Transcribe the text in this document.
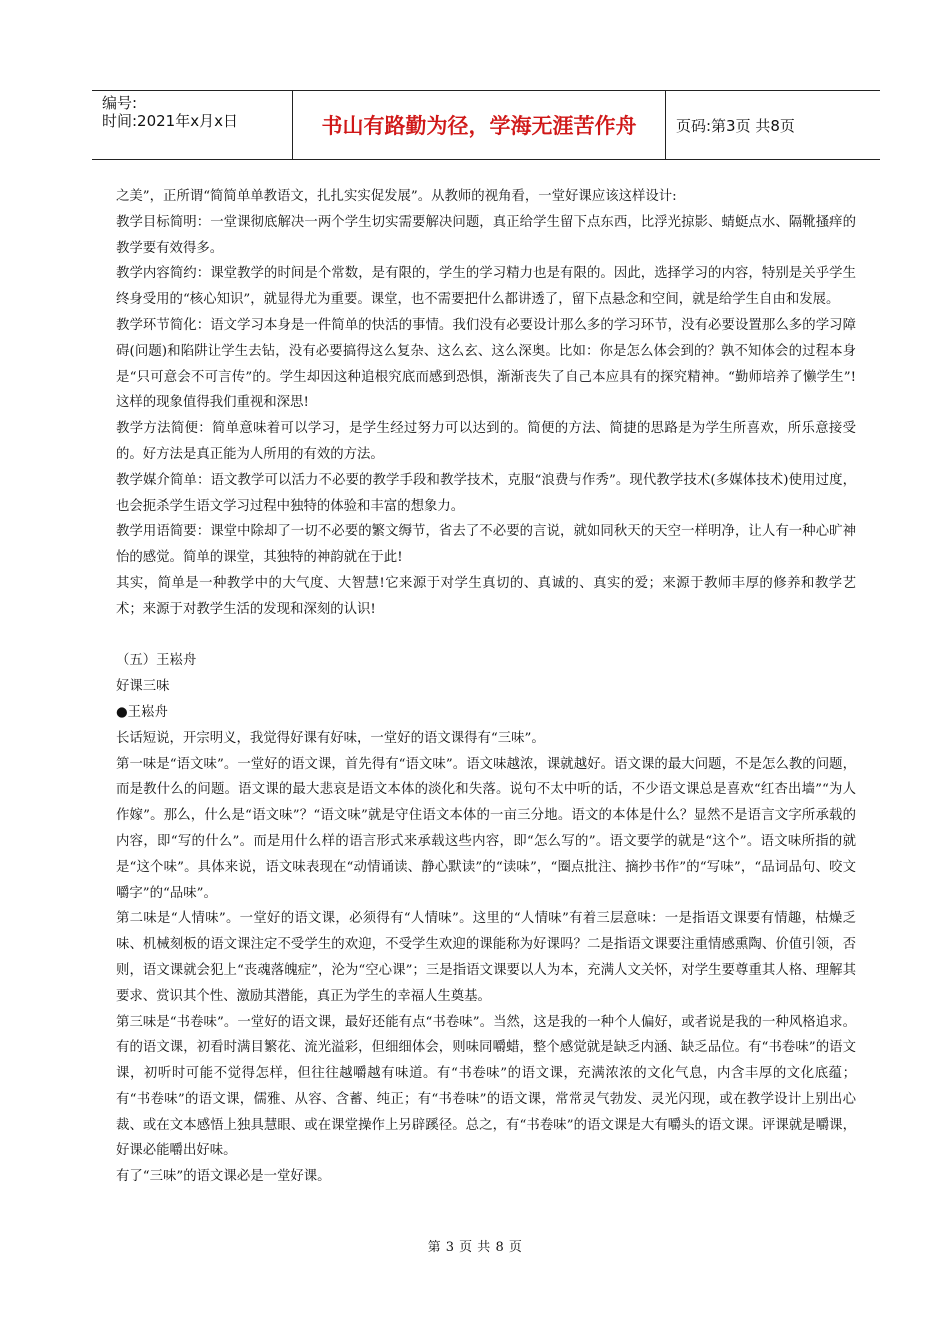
编号:
时间:2021年x月x日	书山有路勤为径，学海无涯苦作舟	页码:第3页 共8页

之美”，正所谓“简简单单教语文，扎扎实实促发展”。从教师的视角看，一堂好课应该这样设计:

教学目标简明：一堂课彻底解决一两个学生切实需要解决问题，真正给学生留下点东西，比浮光掠影、蜻蜓点水、隔靴搔痒的教学要有效得多。

教学内容简约：课堂教学的时间是个常数，是有限的，学生的学习精力也是有限的。因此，选择学习的内容，特别是关乎学生终身受用的“核心知识”，就显得尤为重要。课堂，也不需要把什么都讲透了，留下点悬念和空间，就是给学生自由和发展。

教学环节简化：语文学习本身是一件简单的快活的事情。我们没有必要设计那么多的学习环节，没有必要设置那么多的学习障碍(问题)和陷阱让学生去钻，没有必要搞得这么复杂、这么玄、这么深奥。比如：你是怎么体会到的？孰不知体会的过程本身是“只可意会不可言传”的。学生却因这种追根究底而感到恐惧，渐渐丧失了自己本应具有的探究精神。“勤师培养了懒学生”!这样的现象值得我们重视和深思!

教学方法简便：简单意味着可以学习，是学生经过努力可以达到的。简便的方法、简捷的思路是为学生所喜欢，所乐意接受的。好方法是真正能为人所用的有效的方法。

教学媒介简单：语文教学可以活力不必要的教学手段和教学技术，克服“浪费与作秀”。现代教学技术(多媒体技术)使用过度，也会扼杀学生语文学习过程中独特的体验和丰富的想象力。

教学用语简要：课堂中除却了一切不必要的繁文缛节，省去了不必要的言说，就如同秋天的天空一样明净，让人有一种心旷神怡的感觉。简单的课堂，其独特的神韵就在于此!

其实，简单是一种教学中的大气度、大智慧!它来源于对学生真切的、真诚的、真实的爱；来源于教师丰厚的修养和教学艺术；来源于对教学生活的发现和深刻的认识!

（五）王崧舟

好课三味

●王崧舟

长话短说，开宗明义，我觉得好课有好味，一堂好的语文课得有“三味”。

第一味是“语文味”。一堂好的语文课，首先得有“语文味”。语文味越浓，课就越好。语文课的最大问题，不是怎么教的问题，而是教什么的问题。语文课的最大悲哀是语文本体的淡化和失落。说句不太中听的话，不少语文课总是喜欢“红杏出墙”“为人作嫁”。那么，什么是“语文味”？“语文味”就是守住语文本体的一亩三分地。语文的本体是什么？显然不是语言文字所承载的内容，即“写的什么”。而是用什么样的语言形式来承载这些内容，即“怎么写的”。语文要学的就是“这个”。语文味所指的就是“这个味”。具体来说，语文味表现在“动情诵读、静心默读”的“读味”，“圈点批注、摘抄书作”的“写味”，“品词品句、咬文嚼字”的“品味”。

第二味是“人情味”。一堂好的语文课，必须得有“人情味”。这里的“人情味”有着三层意味：一是指语文课要有情趣，枯燥乏味、机械刻板的语文课注定不受学生的欢迎，不受学生欢迎的课能称为好课吗？二是指语文课要注重情感熏陶、价值引领，否则，语文课就会犯上“丧魂落魄症”，沦为“空心课”；三是指语文课要以人为本，充满人文关怀，对学生要尊重其人格、理解其要求、赏识其个性、激励其潜能，真正为学生的幸福人生奠基。

第三味是“书卷味”。一堂好的语文课，最好还能有点“书卷味”。当然，这是我的一种个人偏好，或者说是我的一种风格追求。有的语文课，初看时满目繁花、流光溢彩，但细细体会，则味同嚼蜡，整个感觉就是缺乏内涵、缺乏品位。有“书卷味”的语文课，初听时可能不觉得怎样，但往往越嚼越有味道。有“书卷味”的语文课，充满浓浓的文化气息，内含丰厚的文化底蕴；有“书卷味”的语文课，儒雅、从容、含蓄、纯正；有“书卷味”的语文课，常常灵气勃发、灵光闪现，或在教学设计上别出心裁、或在文本感悟上独具慧眼、或在课堂操作上另辟蹊径。总之，有“书卷味”的语文课是大有嚼头的语文课。评课就是嚼课，好课必能嚼出好味。

有了“三味”的语文课必是一堂好课。

第 3 页 共 8 页
